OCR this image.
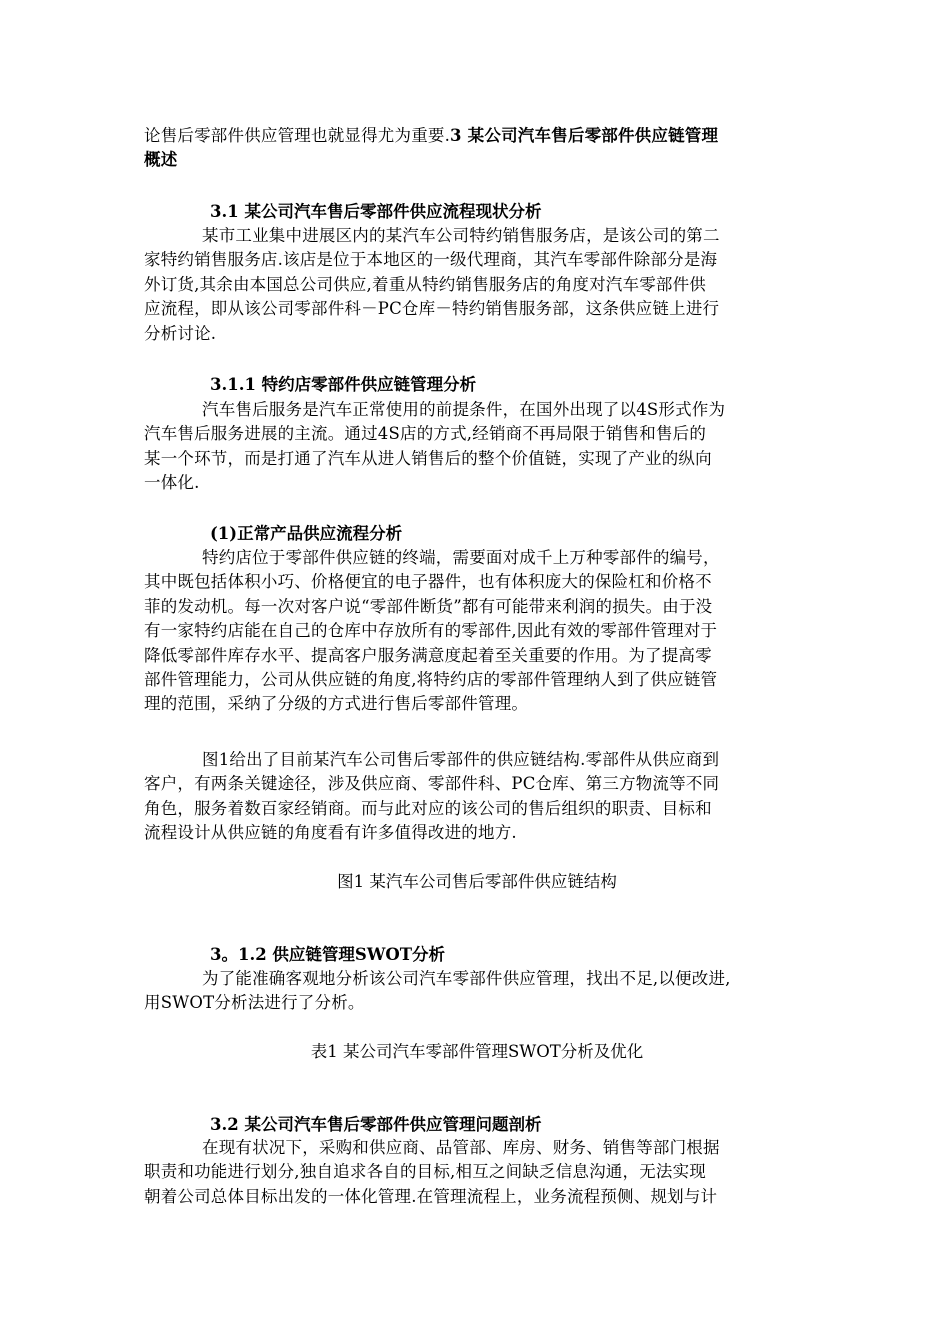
论售后零部件供应管理也就显得尤为重要.3 某公司汽车售后零部件供应链管理
概述
3.1 某公司汽车售后零部件供应流程现状分析
某市工业集中进展区内的某汽车公司特约销售服务店，是该公司的第二
家特约销售服务店.该店是位于本地区的一级代理商，其汽车零部件除部分是海
外订货,其余由本国总公司供应,着重从特约销售服务店的角度对汽车零部件供
应流程，即从该公司零部件科－PC仓库－特约销售服务部，这条供应链上进行
分析讨论.
3.1.1 特约店零部件供应链管理分析
汽车售后服务是汽车正常使用的前提条件，在国外出现了以4S形式作为
汽车售后服务进展的主流。通过4S店的方式,经销商不再局限于销售和售后的
某一个环节，而是打通了汽车从进人销售后的整个价值链，实现了产业的纵向
一体化.
(1)正常产品供应流程分析
特约店位于零部件供应链的终端，需要面对成千上万种零部件的编号，
其中既包括体积小巧、价格便宜的电子器件，也有体积庞大的保险杠和价格不
菲的发动机。每一次对客户说“零部件断货”都有可能带来利润的损失。由于没
有一家特约店能在自己的仓库中存放所有的零部件,因此有效的零部件管理对于
降低零部件库存水平、提高客户服务满意度起着至关重要的作用。为了提高零
部件管理能力，公司从供应链的角度,将特约店的零部件管理纳人到了供应链管
理的范围，采纳了分级的方式进行售后零部件管理。
图1给出了目前某汽车公司售后零部件的供应链结构.零部件从供应商到
客户，有两条关键途径，涉及供应商、零部件科、PC仓库、第三方物流等不同
角色，服务着数百家经销商。而与此对应的该公司的售后组织的职责、目标和
流程设计从供应链的角度看有许多值得改进的地方.
图1 某汽车公司售后零部件供应链结构
3。1.2 供应链管理SWOT分析
为了能准确客观地分析该公司汽车零部件供应管理，找出不足,以便改进,
用SWOT分析法进行了分析。
表1 某公司汽车零部件管理SWOT分析及优化
3.2 某公司汽车售后零部件供应管理问题剖析
在现有状况下，采购和供应商、品管部、库房、财务、销售等部门根据
职责和功能进行划分,独自追求各自的目标,相互之间缺乏信息沟通，无法实现
朝着公司总体目标出发的一体化管理.在管理流程上，业务流程预侧、规划与计
